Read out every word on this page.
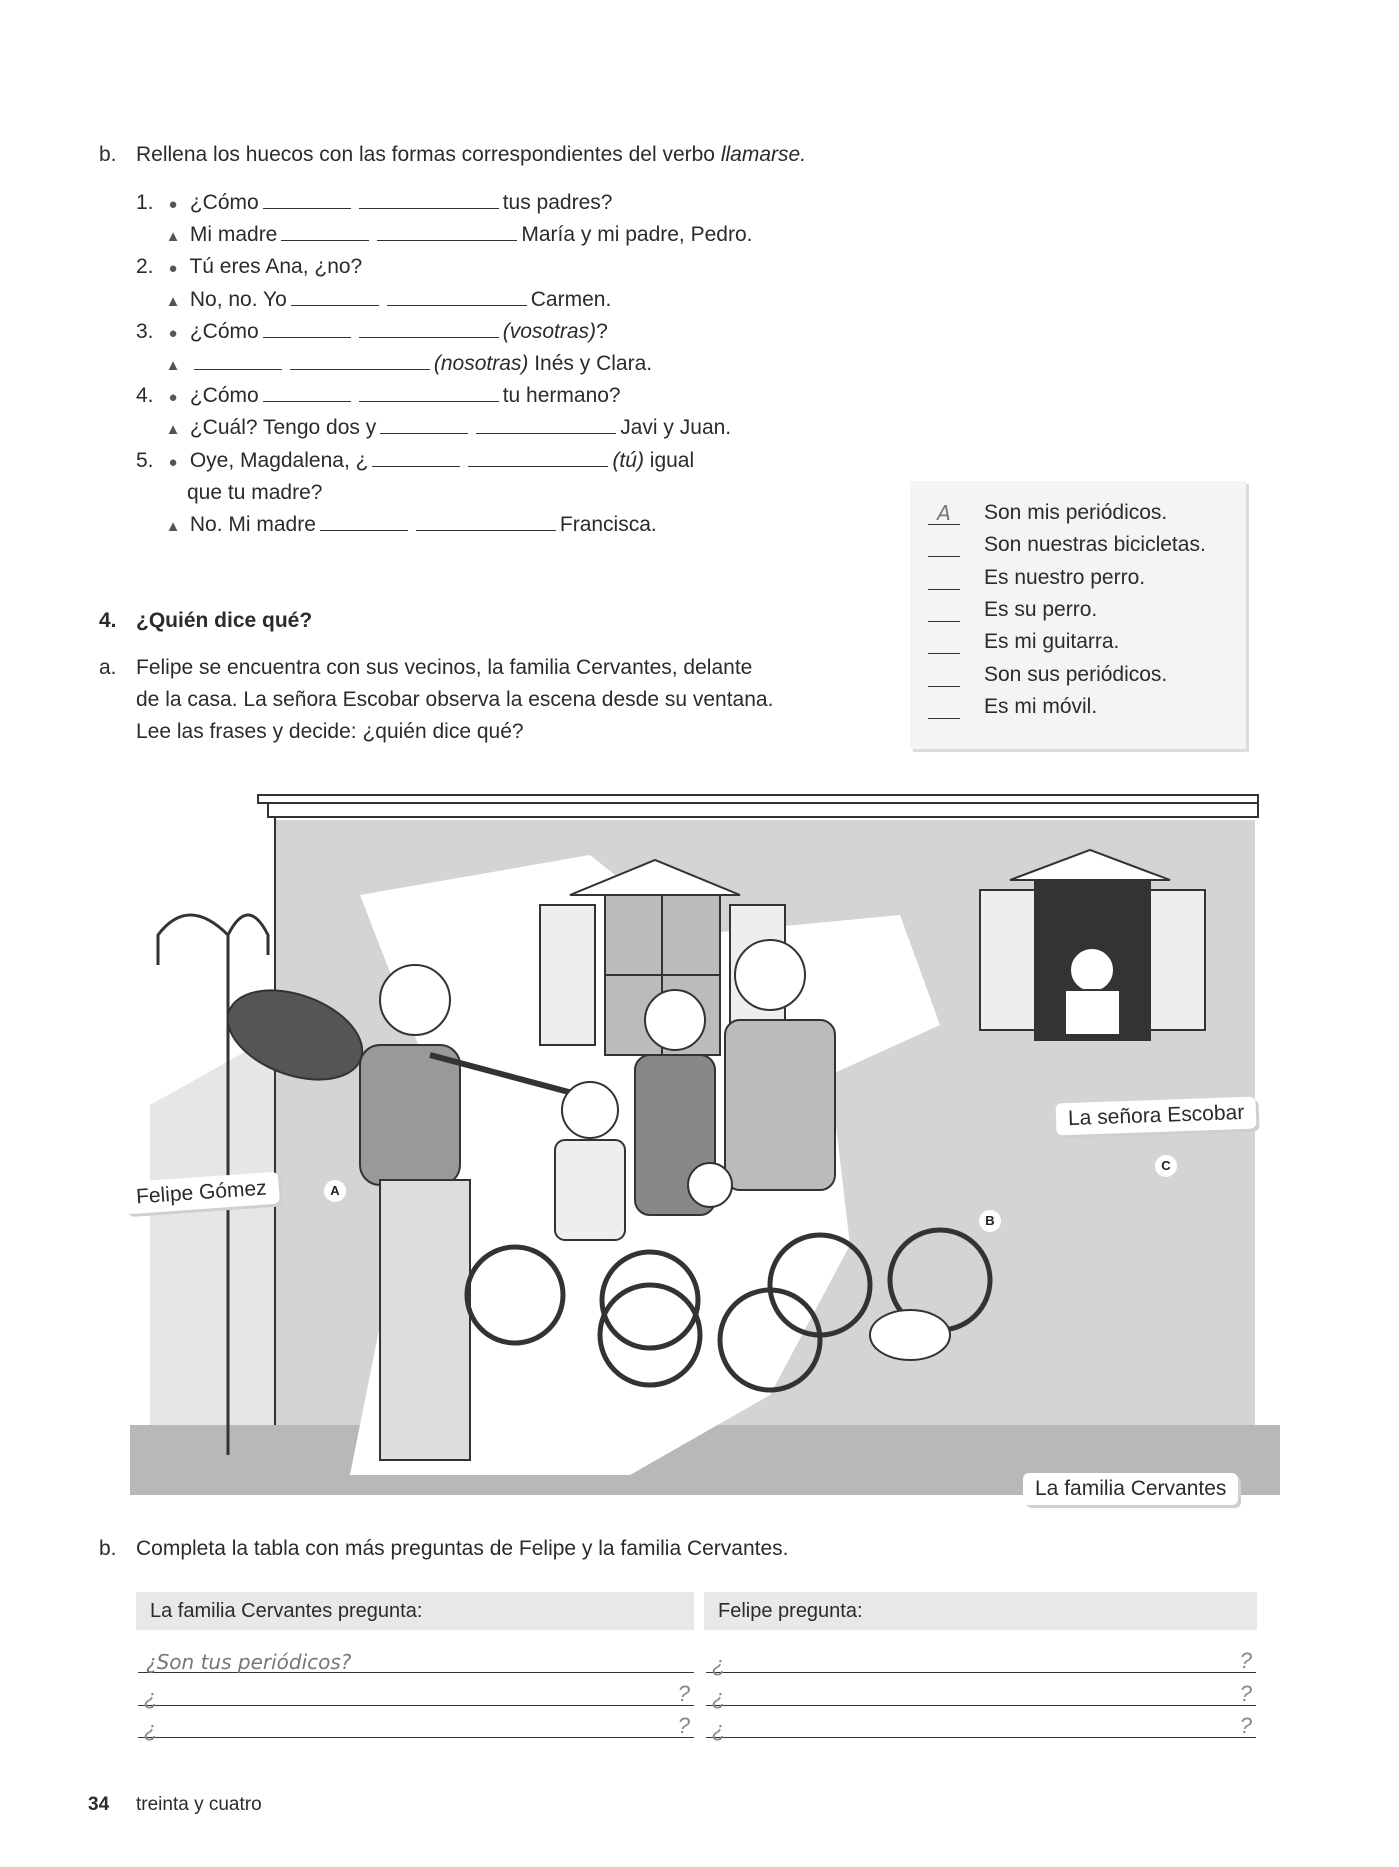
b. Rellena los huecos con las formas correspondientes del verbo llamarse.
1. ● ¿Cómo	tus padres?
▲ Mi madre	María y mi padre, Pedro.
2. ● Tú eres Ana, ¿no?
▲ No, no. Yo	Carmen.
3. ● ¿Cómo	(vosotras)?
▲	(nosotras) Inés y Clara.
4. ● ¿Cómo	tu hermano?
▲ ¿Cuál? Tengo dos y	Javi y Juan.
5. ● Oye, Magdalena, ¿	(tú) igual
que tu madre?
▲ No. Mi madre	Francisca.
4. ¿Quién dice qué?
a. Felipe se encuentra con sus vecinos, la familia Cervantes, delante
de la casa. La señora Escobar observa la escena desde su ventana.
Lee las frases y decide: ¿quién dice qué?
A Son mis periódicos.
Son nuestras bicicletas.
Es nuestro perro.
Es su perro.
Es mi guitarra.
Son sus periódicos.
Es mi móvil.
Felipe Gómez	A
B
La familia Cervantes
La señora Escobar
C
b. Completa la tabla con más preguntas de Felipe y la familia Cervantes.
La familia Cervantes pregunta:	Felipe pregunta:
¿Son tus periódicos?	¿	?
¿	? ¿	?
¿	? ¿	?
34 treinta y cuatro
